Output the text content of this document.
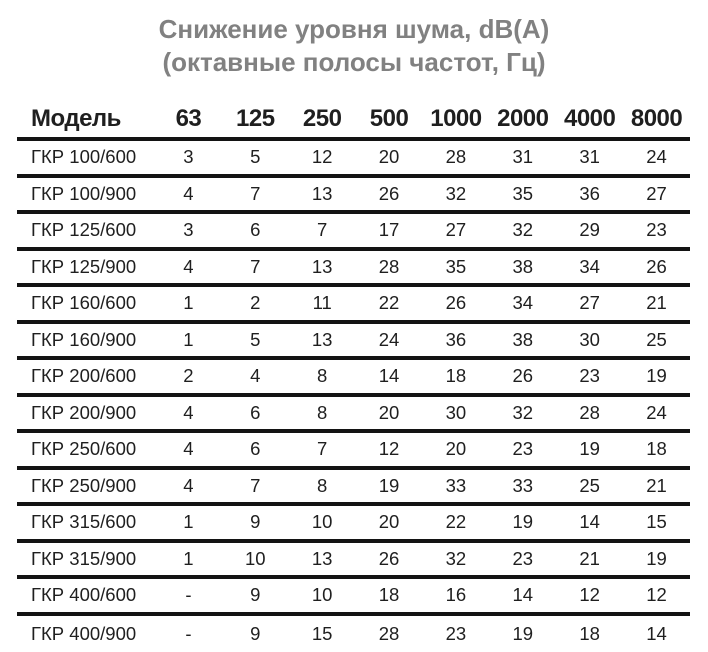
Снижение уровня шума, dB(A)
(октавные полосы частот, Гц)
Модель	63	125	250	500 1000 2000 4000 8000
ГКР 100/600	3	5	12	20	28	31	31	24
ГКР 100/900	4	7	13	26	32	35	36	27
ГКР 125/600	3	6	7	17	27	32	29	23
ГКР 125/900	4	7	13	28	35	38	34	26
ГКР 160/600	1	2	11	22	26	34	27	21
ГКР 160/900	1	5	13	24	36	38	30	25
ГКР 200/600	2	4	8	14	18	26	23	19
ГКР 200/900	4	6	8	20	30	32	28	24
ГКР 250/600	4	6	7	12	20	23	19	18
ГКР 250/900	4	7	8	19	33	33	25	21
ГКР 315/600	1	9	10	20	22	19	14	15
ГКР 315/900	1	10	13	26	32	23	21	19
ГКР 400/600	-	9	10	18	16	14	12	12
ГКР 400/900	-	9	15	28	23	19	18	14
